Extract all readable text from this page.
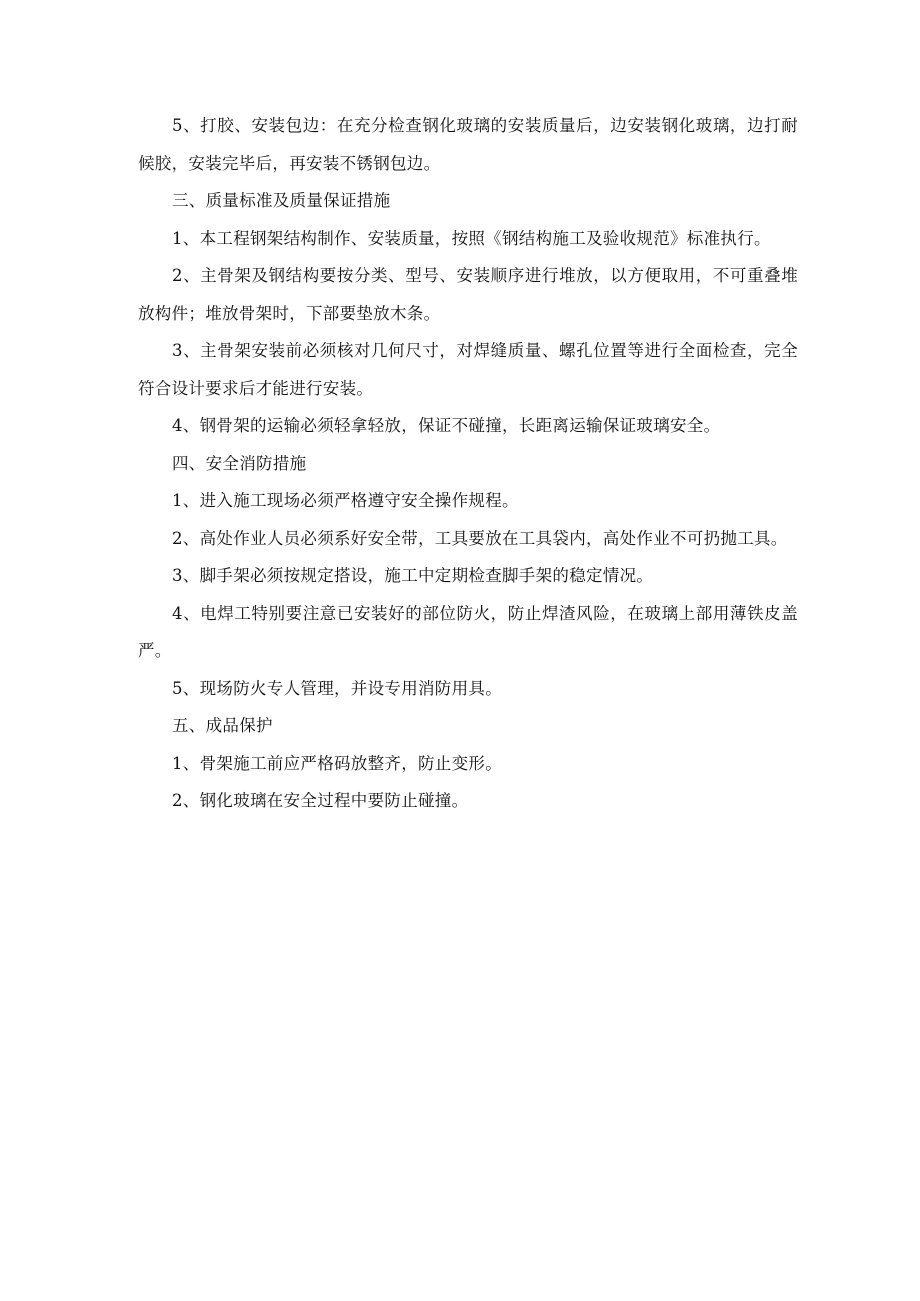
5、打胶、安装包边：在充分检查钢化玻璃的安装质量后，边安装钢化玻璃，边打耐候胶，安装完毕后，再安装不锈钢包边。

三、质量标准及质量保证措施

1、本工程钢架结构制作、安装质量，按照《钢结构施工及验收规范》标准执行。

2、主骨架及钢结构要按分类、型号、安装顺序进行堆放，以方便取用，不可重叠堆放构件；堆放骨架时，下部要垫放木条。

3、主骨架安装前必须核对几何尺寸，对焊缝质量、螺孔位置等进行全面检查，完全符合设计要求后才能进行安装。

4、钢骨架的运输必须轻拿轻放，保证不碰撞，长距离运输保证玻璃安全。

四、安全消防措施

1、进入施工现场必须严格遵守安全操作规程。

2、高处作业人员必须系好安全带，工具要放在工具袋内，高处作业不可扔抛工具。

3、脚手架必须按规定搭设，施工中定期检查脚手架的稳定情况。

4、电焊工特别要注意已安装好的部位防火，防止焊渣风险，在玻璃上部用薄铁皮盖严。

5、现场防火专人管理，并设专用消防用具。

五、成品保护

1、骨架施工前应严格码放整齐，防止变形。

2、钢化玻璃在安全过程中要防止碰撞。
